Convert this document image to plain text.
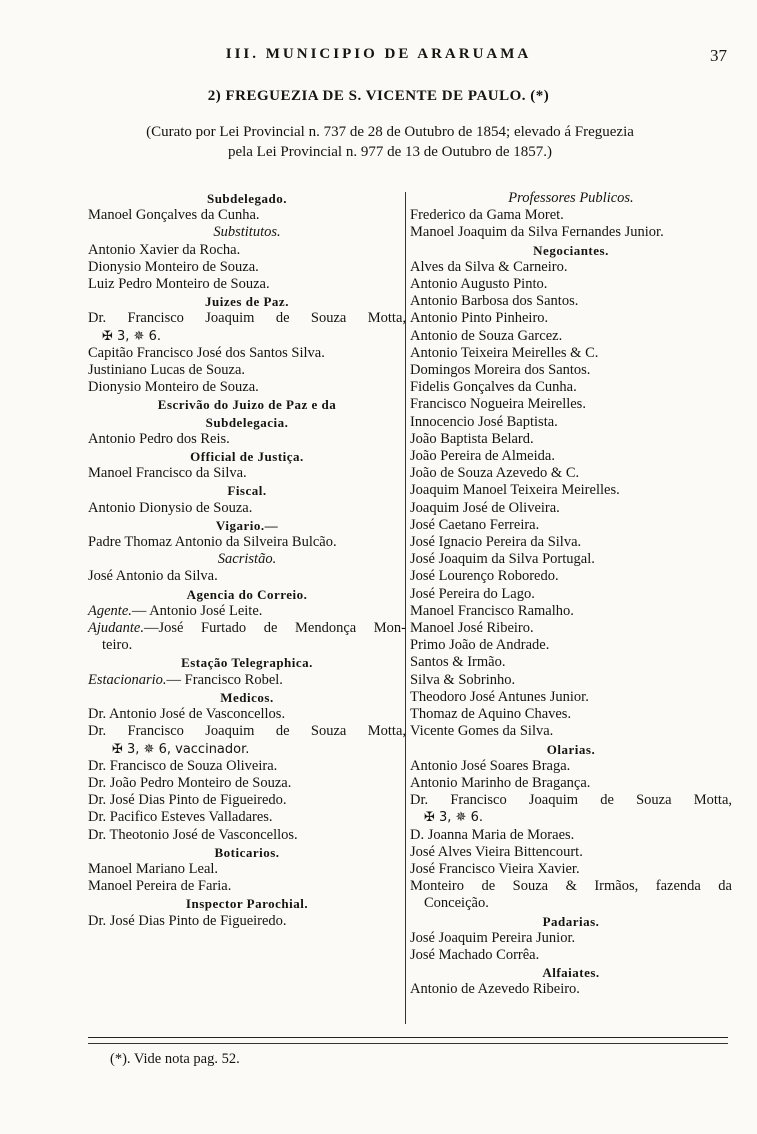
III. MUNICIPIO DE ARARUAMA	37
2) FREGUEZIA DE S. VICENTE DE PAULO. (*)
(Curato por Lei Provincial n. 737 de 28 de Outubro de 1854; elevado á Freguezia
pela Lei Provincial n. 977 de 13 de Outubro de 1857.)
Subdelegado.
Manoel Gonçalves da Cunha.
Substitutos.
Antonio Xavier da Rocha.
Dionysio Monteiro de Souza.
Luiz Pedro Monteiro de Souza.
Juizes de Paz.
Dr. Francisco Joaquim de Souza Motta,
✠ 3, ✵ 6.
Capitão Francisco José dos Santos Silva.
Justiniano Lucas de Souza.
Dionysio Monteiro de Souza.
Escrivão do Juizo de Paz e da
Subdelegacia.
Antonio Pedro dos Reis.
Official de Justiça.
Manoel Francisco da Silva.
Fiscal.
Antonio Dionysio de Souza.
Vigario.—
Padre Thomaz Antonio da Silveira Bulcão.
Sacristão.
José Antonio da Silva.
Agencia do Correio.
Agente.— Antonio José Leite.
Ajudante.—José Furtado de Mendonça Mon-
teiro.
Estação Telegraphica.
Estacionario.— Francisco Robel.
Medicos.
Dr. Antonio José de Vasconcellos.
Dr. Francisco Joaquim de Souza Motta,
✠ 3, ✵ 6, vaccinador.
Dr. Francisco de Souza Oliveira.
Dr. João Pedro Monteiro de Souza.
Dr. José Dias Pinto de Figueiredo.
Dr. Pacifico Esteves Valladares.
Dr. Theotonio José de Vasconcellos.
Boticarios.
Manoel Mariano Leal.
Manoel Pereira de Faria.
Inspector Parochial.
Dr. José Dias Pinto de Figueiredo.
Professores Publicos.
Frederico da Gama Moret.
Manoel Joaquim da Silva Fernandes Junior.
Negociantes.
Alves da Silva & Carneiro.
Antonio Augusto Pinto.
Antonio Barbosa dos Santos.
Antonio Pinto Pinheiro.
Antonio de Souza Garcez.
Antonio Teixeira Meirelles & C.
Domingos Moreira dos Santos.
Fidelis Gonçalves da Cunha.
Francisco Nogueira Meirelles.
Innocencio José Baptista.
João Baptista Belard.
João Pereira de Almeida.
João de Souza Azevedo & C.
Joaquim Manoel Teixeira Meirelles.
Joaquim José de Oliveira.
José Caetano Ferreira.
José Ignacio Pereira da Silva.
José Joaquim da Silva Portugal.
José Lourenço Roboredo.
José Pereira do Lago.
Manoel Francisco Ramalho.
Manoel José Ribeiro.
Primo João de Andrade.
Santos & Irmão.
Silva & Sobrinho.
Theodoro José Antunes Junior.
Thomaz de Aquino Chaves.
Vicente Gomes da Silva.
Olarias.
Antonio José Soares Braga.
Antonio Marinho de Bragança.
Dr. Francisco Joaquim de Souza Motta,
✠ 3, ✵ 6.
D. Joanna Maria de Moraes.
José Alves Vieira Bittencourt.
José Francisco Vieira Xavier.
Monteiro de Souza & Irmãos, fazenda da
Conceição.
Padarias.
José Joaquim Pereira Junior.
José Machado Corrêa.
Alfaiates.
Antonio de Azevedo Ribeiro.
(*). Vide nota pag. 52.
